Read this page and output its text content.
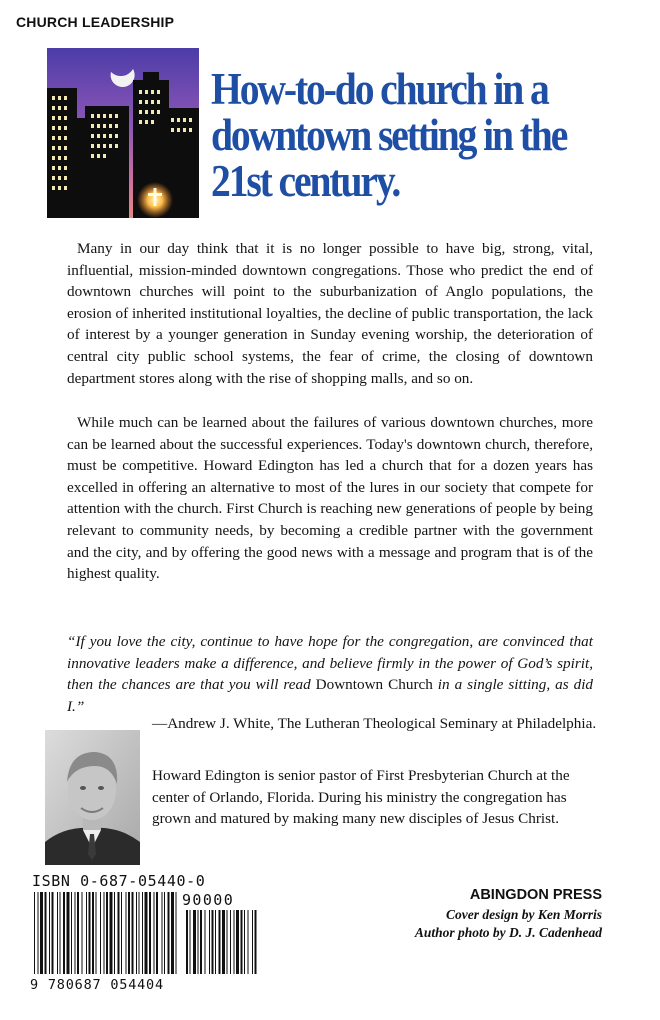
CHURCH LEADERSHIP
How-to-do church in a downtown setting in the 21st century.

Many in our day think that it is no longer possible to have big, strong, vital, influential, mission-minded downtown congregations. Those who predict the end of downtown churches will point to the suburbanization of Anglo populations, the erosion of inherited institutional loyalties, the decline of public transportation, the lack of interest by a younger generation in Sunday evening worship, the deterioration of central city public school systems, the fear of crime, the closing of downtown department stores along with the rise of shopping malls, and so on.

While much can be learned about the failures of various downtown churches, more can be learned about the successful experiences. Today's downtown church, therefore, must be competitive. Howard Edington has led a church that for a dozen years has excelled in offering an alternative to most of the lures in our society that compete for attention with the church. First Church is reaching new generations of people by being relevant to community needs, by becoming a credible partner with the government and the city, and by offering the good news with a message and program that is of the highest quality.

“If you love the city, continue to have hope for the congregation, are convinced that innovative leaders make a difference, and believe firmly in the power of God’s spirit, then the chances are that you will read Downtown Church in a single sitting, as did I.”

—Andrew J. White, The Lutheran Theological Seminary at Philadelphia.
Howard Edington is senior pastor of First Presbyterian Church at the center of Orlando, Florida. During his ministry the congregation has grown and matured by making many new disciples of Jesus Christ.
ISBN 0-687-05440-0
90000
9 780687 054404
ABINGDON PRESS
Cover design by Ken Morris
Author photo by D. J. Cadenhead
